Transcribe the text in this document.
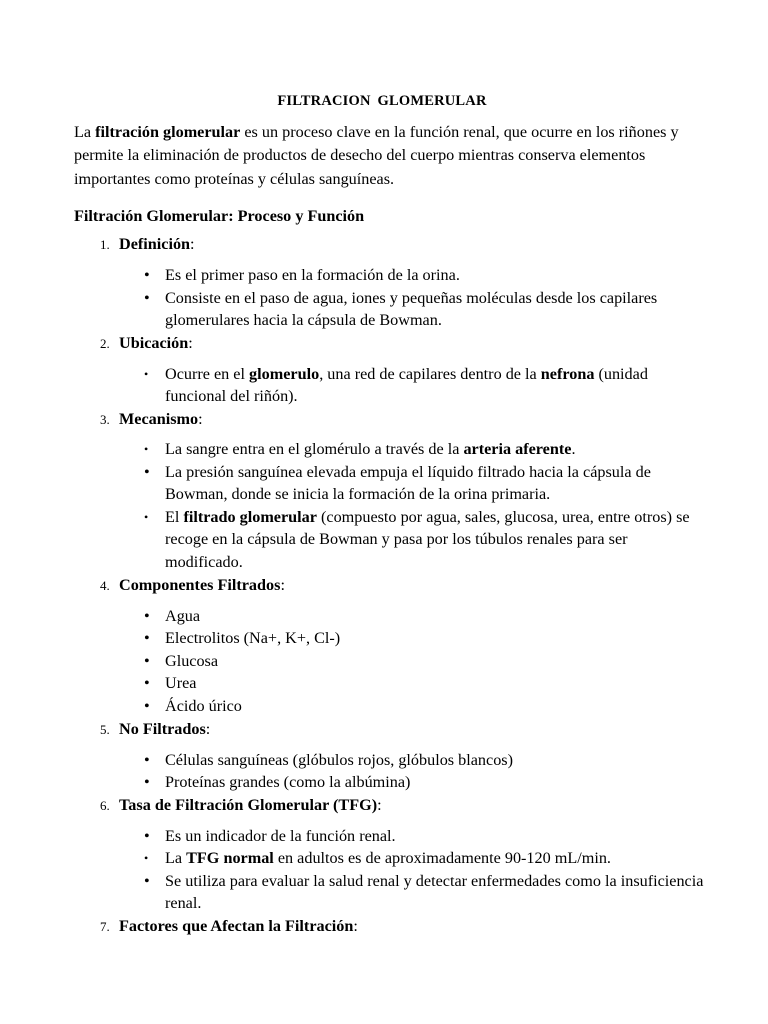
FILTRACION GLOMERULAR

La filtración glomerular es un proceso clave en la función renal, que ocurre en los riñones y permite la eliminación de productos de desecho del cuerpo mientras conserva elementos importantes como proteínas y células sanguíneas.

Filtración Glomerular: Proceso y Función

1. Definición:
• Es el primer paso en la formación de la orina.
• Consiste en el paso de agua, iones y pequeñas moléculas desde los capilares glomerulares hacia la cápsula de Bowman.
2. Ubicación:
• Ocurre en el glomerulo, una red de capilares dentro de la nefrona (unidad funcional del riñón).
3. Mecanismo:
• La sangre entra en el glomérulo a través de la arteria aferente.
• La presión sanguínea elevada empuja el líquido filtrado hacia la cápsula de Bowman, donde se inicia la formación de la orina primaria.
• El filtrado glomerular (compuesto por agua, sales, glucosa, urea, entre otros) se recoge en la cápsula de Bowman y pasa por los túbulos renales para ser modificado.
4. Componentes Filtrados:
• Agua
• Electrolitos (Na+, K+, Cl-)
• Glucosa
• Urea
• Ácido úrico
5. No Filtrados:
• Células sanguíneas (glóbulos rojos, glóbulos blancos)
• Proteínas grandes (como la albúmina)
6. Tasa de Filtración Glomerular (TFG):
• Es un indicador de la función renal.
• La TFG normal en adultos es de aproximadamente 90-120 mL/min.
• Se utiliza para evaluar la salud renal y detectar enfermedades como la insuficiencia renal.
7. Factores que Afectan la Filtración:
